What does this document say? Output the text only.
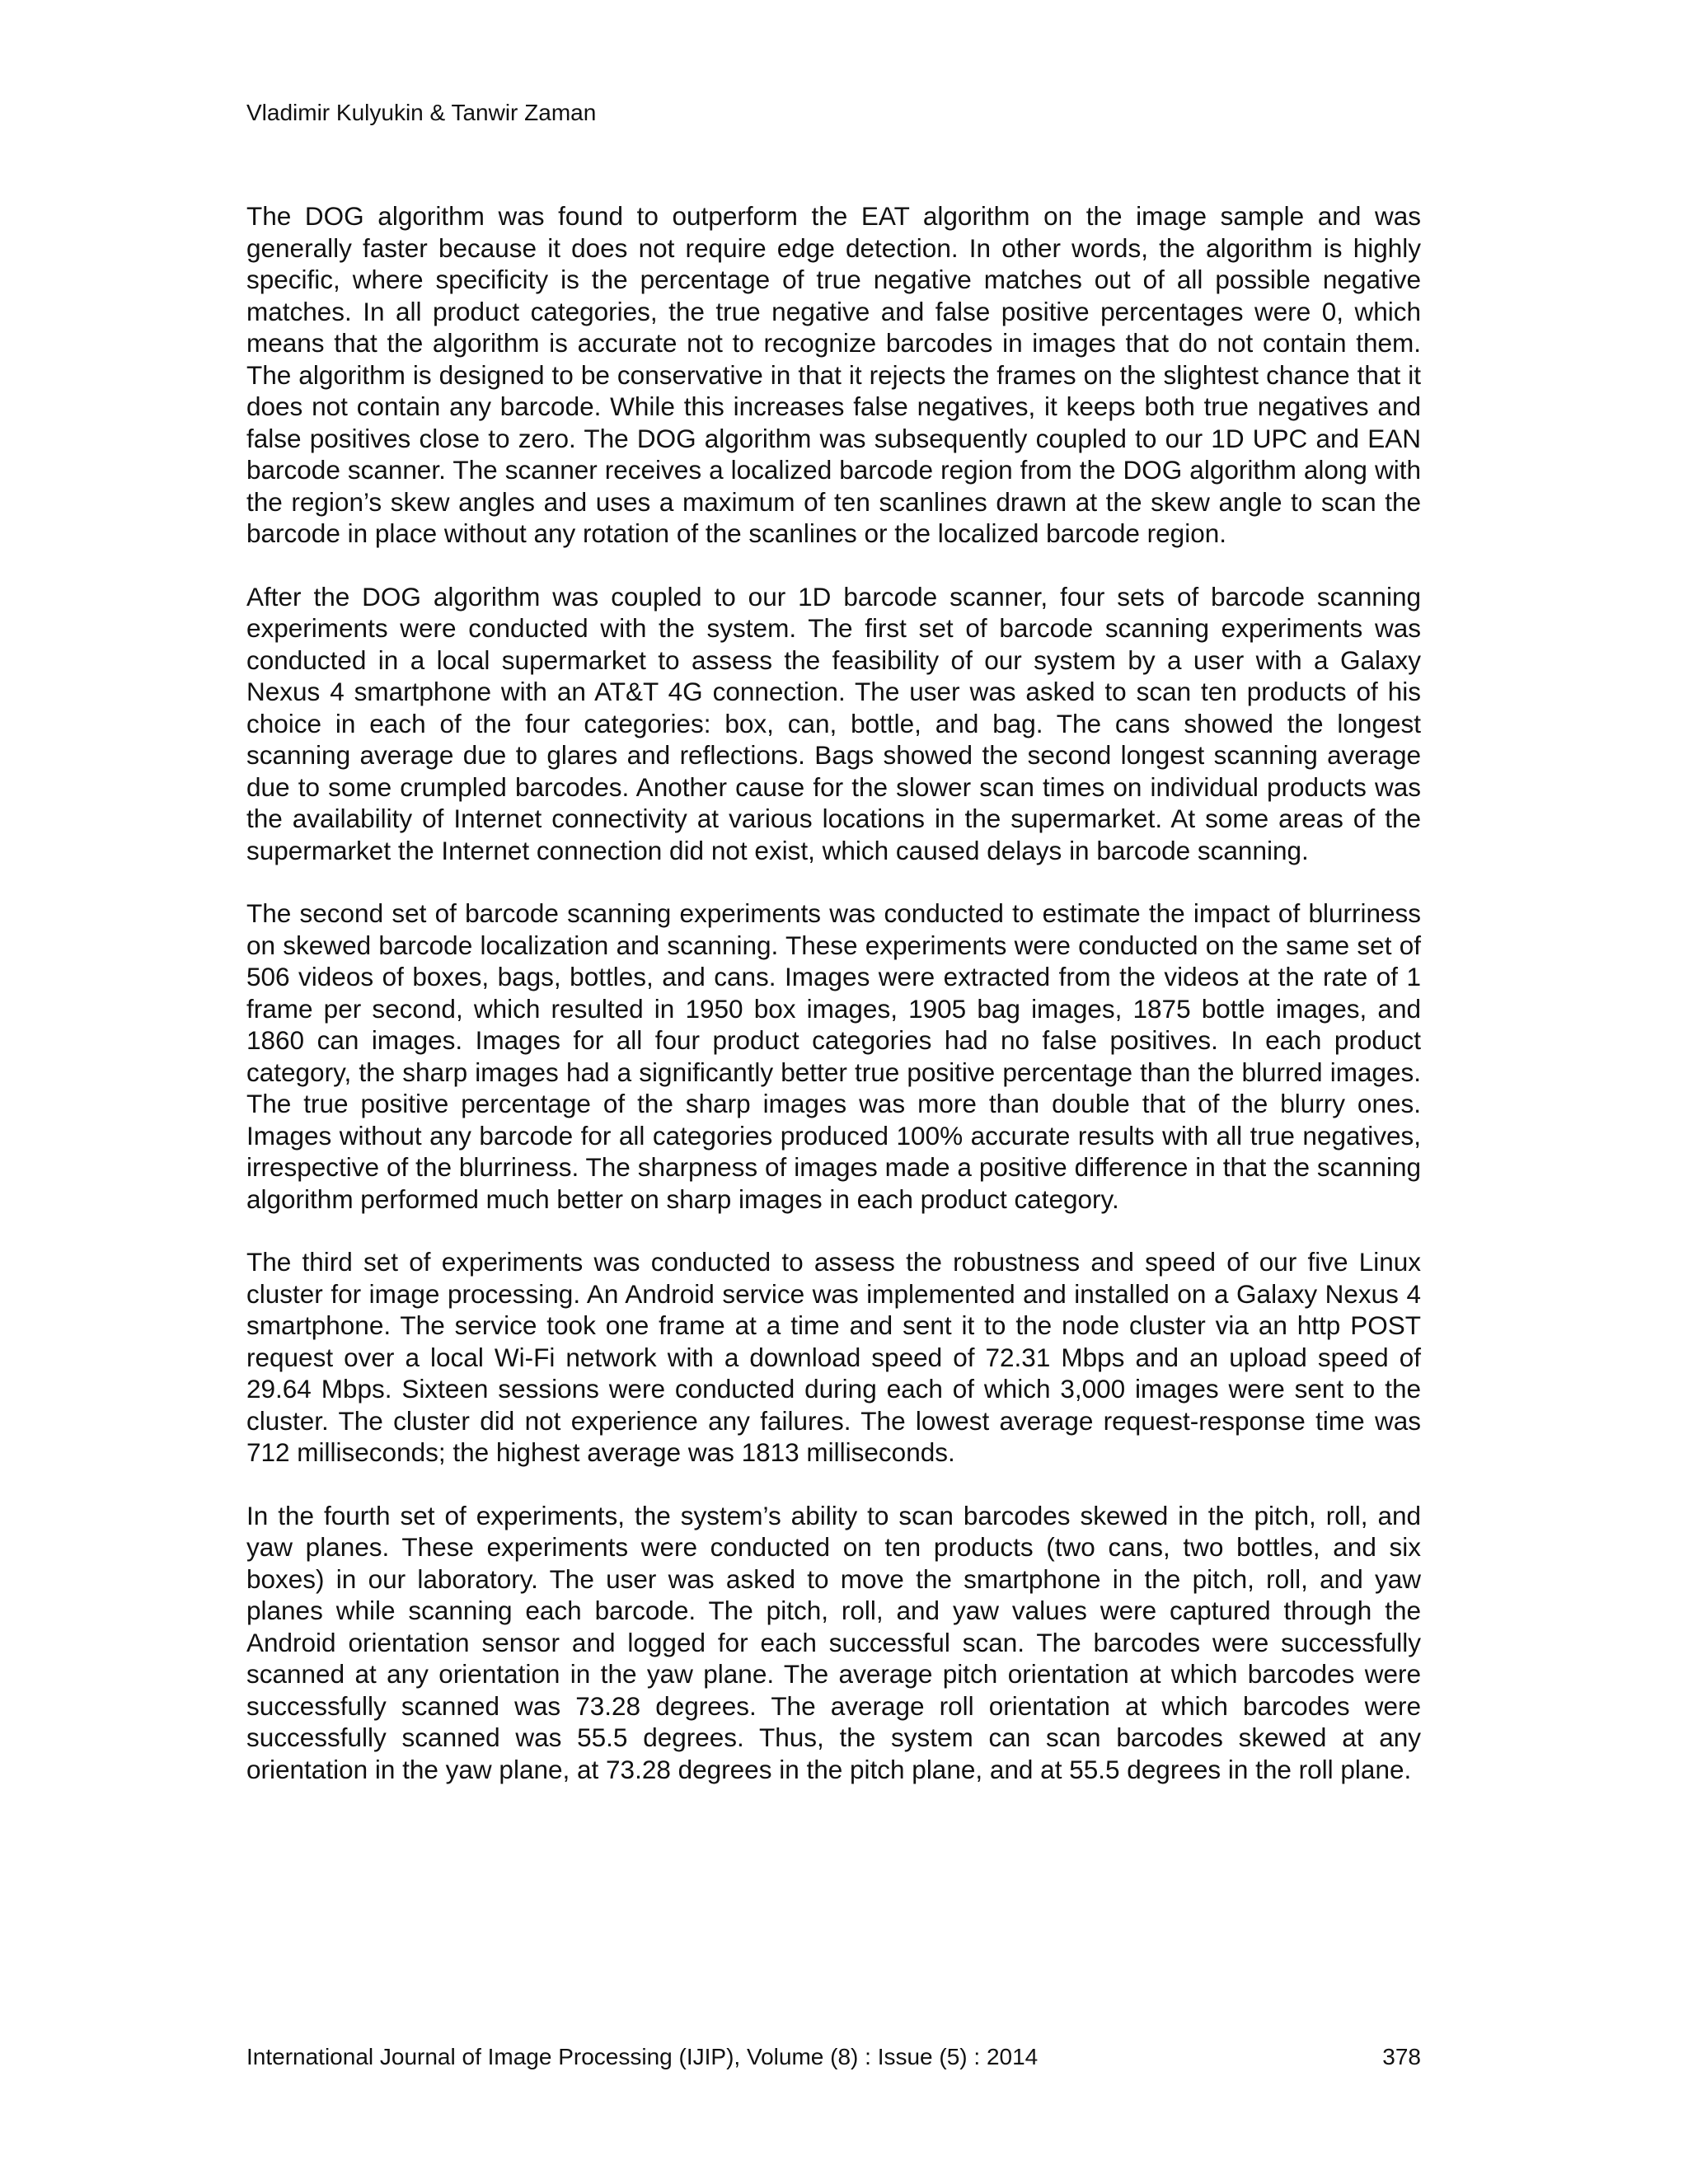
Vladimir Kulyukin & Tanwir Zaman

The DOG algorithm was found to outperform the EAT algorithm on the image sample and was generally faster because it does not require edge detection. In other words, the algorithm is highly specific, where specificity is the percentage of true negative matches out of all possible negative matches. In all product categories, the true negative and false positive percentages were 0, which means that the algorithm is accurate not to recognize barcodes in images that do not contain them. The algorithm is designed to be conservative in that it rejects the frames on the slightest chance that it does not contain any barcode. While this increases false negatives, it keeps both true negatives and false positives close to zero. The DOG algorithm was subsequently coupled to our 1D UPC and EAN barcode scanner. The scanner receives a localized barcode region from the DOG algorithm along with the region’s skew angles and uses a maximum of ten scanlines drawn at the skew angle to scan the barcode in place without any rotation of the scanlines or the localized barcode region.

After the DOG algorithm was coupled to our 1D barcode scanner, four sets of barcode scanning experiments were conducted with the system. The first set of barcode scanning experiments was conducted in a local supermarket to assess the feasibility of our system by a user with a Galaxy Nexus 4 smartphone with an AT&T 4G connection. The user was asked to scan ten products of his choice in each of the four categories: box, can, bottle, and bag. The cans showed the longest scanning average due to glares and reflections. Bags showed the second longest scanning average due to some crumpled barcodes. Another cause for the slower scan times on individual products was the availability of Internet connectivity at various locations in the supermarket. At some areas of the supermarket the Internet connection did not exist, which caused delays in barcode scanning.

The second set of barcode scanning experiments was conducted to estimate the impact of blurriness on skewed barcode localization and scanning. These experiments were conducted on the same set of 506 videos of boxes, bags, bottles, and cans. Images were extracted from the videos at the rate of 1 frame per second, which resulted in 1950 box images, 1905 bag images, 1875 bottle images, and 1860 can images. Images for all four product categories had no false positives. In each product category, the sharp images had a significantly better true positive percentage than the blurred images. The true positive percentage of the sharp images was more than double that of the blurry ones. Images without any barcode for all categories produced 100% accurate results with all true negatives, irrespective of the blurriness. The sharpness of images made a positive difference in that the scanning algorithm performed much better on sharp images in each product category.

The third set of experiments was conducted to assess the robustness and speed of our five Linux cluster for image processing. An Android service was implemented and installed on a Galaxy Nexus 4 smartphone. The service took one frame at a time and sent it to the node cluster via an http POST request over a local Wi-Fi network with a download speed of 72.31 Mbps and an upload speed of 29.64 Mbps. Sixteen sessions were conducted during each of which 3,000 images were sent to the cluster. The cluster did not experience any failures. The lowest average request-response time was 712 milliseconds; the highest average was 1813 milliseconds.

In the fourth set of experiments, the system’s ability to scan barcodes skewed in the pitch, roll, and yaw planes. These experiments were conducted on ten products (two cans, two bottles, and six boxes) in our laboratory. The user was asked to move the smartphone in the pitch, roll, and yaw planes while scanning each barcode. The pitch, roll, and yaw values were captured through the Android orientation sensor and logged for each successful scan. The barcodes were successfully scanned at any orientation in the yaw plane. The average pitch orientation at which barcodes were successfully scanned was 73.28 degrees. The average roll orientation at which barcodes were successfully scanned was 55.5 degrees. Thus, the system can scan barcodes skewed at any orientation in the yaw plane, at 73.28 degrees in the pitch plane, and at 55.5 degrees in the roll plane.

International Journal of Image Processing (IJIP), Volume (8) : Issue (5) : 2014	378
